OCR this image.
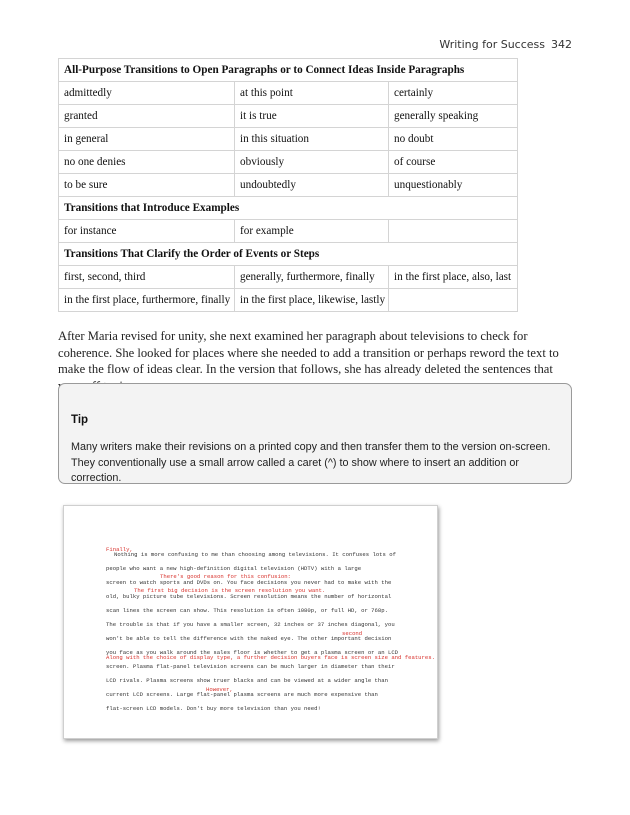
Writing for Success 342
All-Purpose Transitions to Open Paragraphs or to Connect Ideas Inside Paragraphs		
admittedly	at this point	certainly
granted	it is true	generally speaking
in general	in this situation	no doubt
no one denies	obviously	of course
to be sure	undoubtedly	unquestionably
Transitions that Introduce Examples		
for instance	for example	
Transitions That Clarify the Order of Events or Steps		
first, second, third	generally, furthermore, finally	in the first place, also, last
in the first place, furthermore, finally	in the first place, likewise, lastly	

After Maria revised for unity, she next examined her paragraph about televisions to check for coherence. She looked for places where she needed to add a transition or perhaps reword the text to make the flow of ideas clear. In the version that follows, she has already deleted the sentences that

Tip
Many writers make their revisions on a printed copy and then transfer them to the version on-screen. They conventionally use a small arrow called a caret (^) to show where to insert an addition or correction.
Nothing is more confusing to me than choosing among televisions. It confuses lots of
people who want a new high-definition digital television (HDTV) with a large
screen to watch sports and DVDs on. You face decisions you never had to make with the
old, bulky picture tube televisions. Screen resolution means the number of horizontal
scan lines the screen can show. This resolution is often 1080p, or full HD, or 768p.
The trouble is that if you have a smaller screen, 32 inches or 37 inches diagonal, you
won't be able to tell the difference with the naked eye. The other important decision
you face as you walk around the sales floor is whether to get a plasma screen or an LCD
screen. Plasma flat-panel television screens can be much larger in diameter than their
LCD rivals. Plasma screens show truer blacks and can be viewed at a wider angle than
current LCD screens. Large flat-panel plasma screens are much more expensive than
flat-screen LCD models. Don't buy more television than you need!
Finally,
There's good reason for this confusion:
The first big decision is the screen resolution you want.
second
Along with the choice of display type, a further decision buyers face is screen size and features.
However,
